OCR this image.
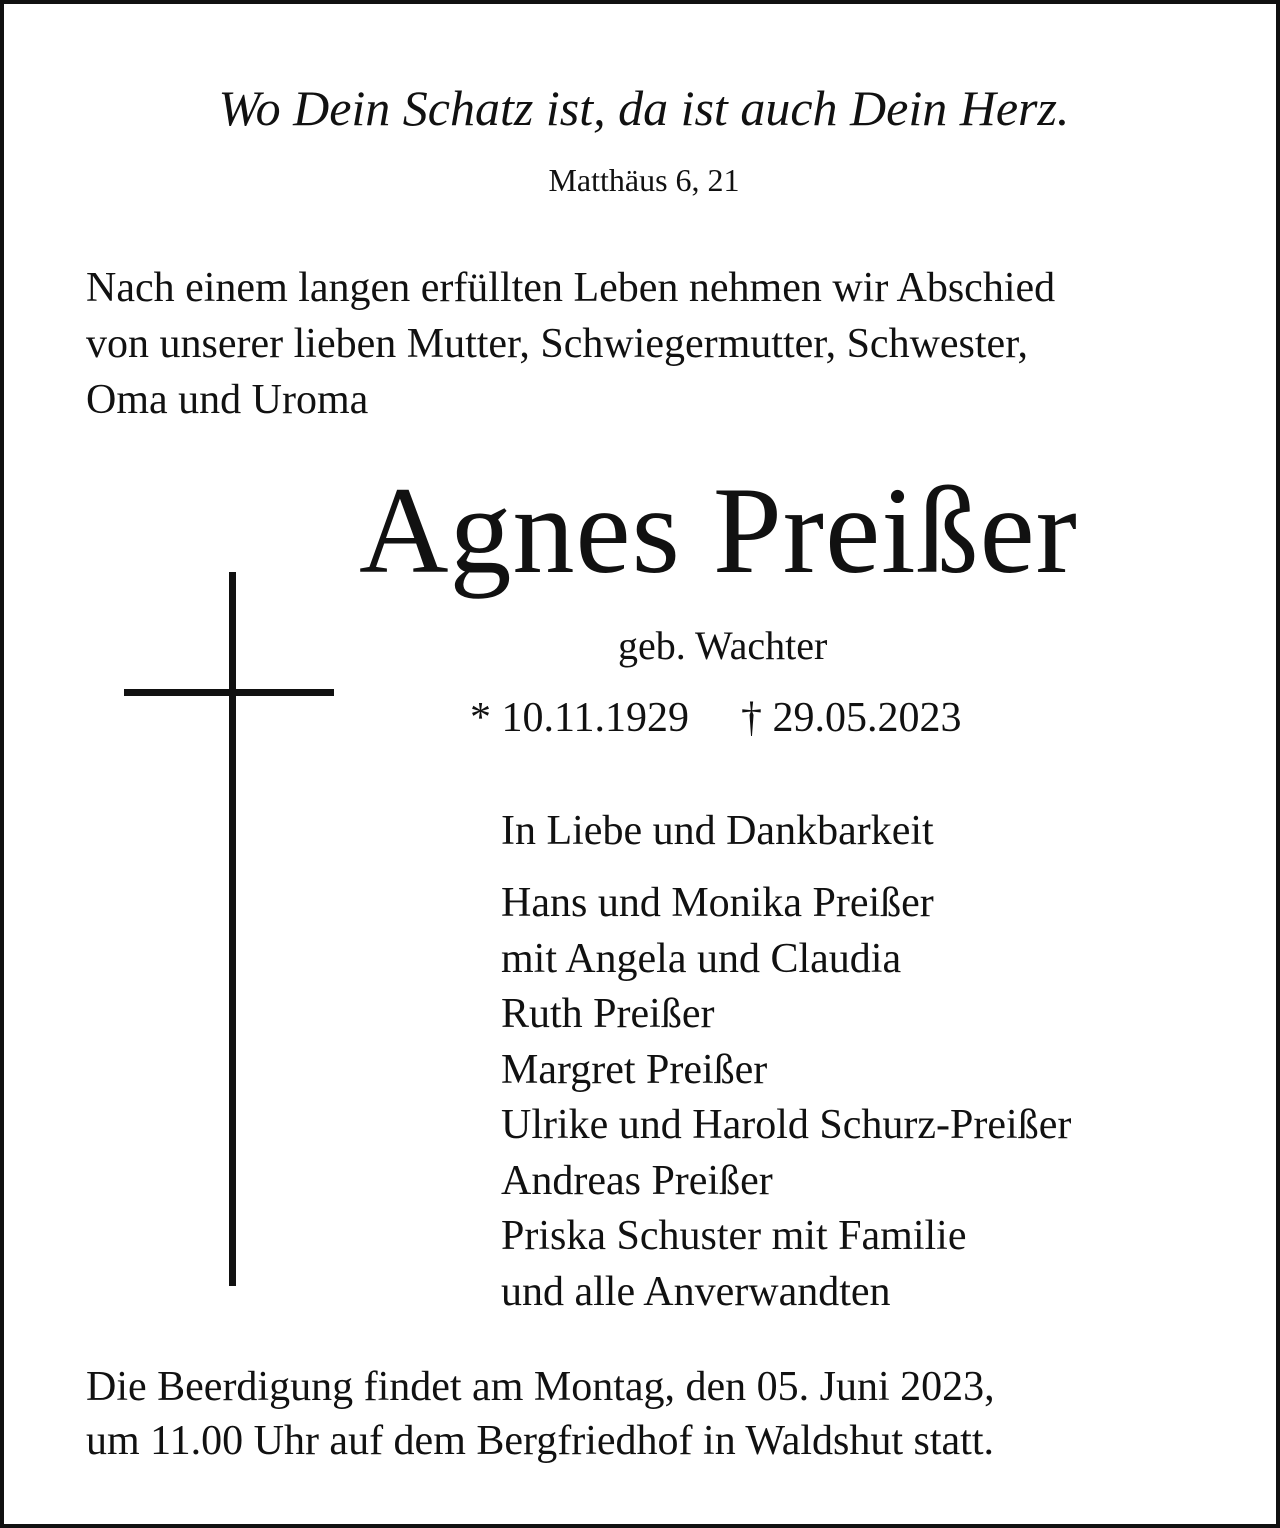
Wo Dein Schatz ist, da ist auch Dein Herz.

Matthäus 6, 21

Nach einem langen erfüllten Leben nehmen wir Abschied
von unserer lieben Mutter, Schwiegermutter, Schwester,
Oma und Uroma
Agnes Preißer

geb. Wachter

* 10.11.1929 † 29.05.2023

In Liebe und Dankbarkeit

Hans und Monika Preißer
mit Angela und Claudia
Ruth Preißer
Margret Preißer
Ulrike und Harold Schurz-Preißer
Andreas Preißer
Priska Schuster mit Familie
und alle Anverwandten
Die Beerdigung findet am Montag, den 05. Juni 2023,
um 11.00 Uhr auf dem Bergfriedhof in Waldshut statt.
